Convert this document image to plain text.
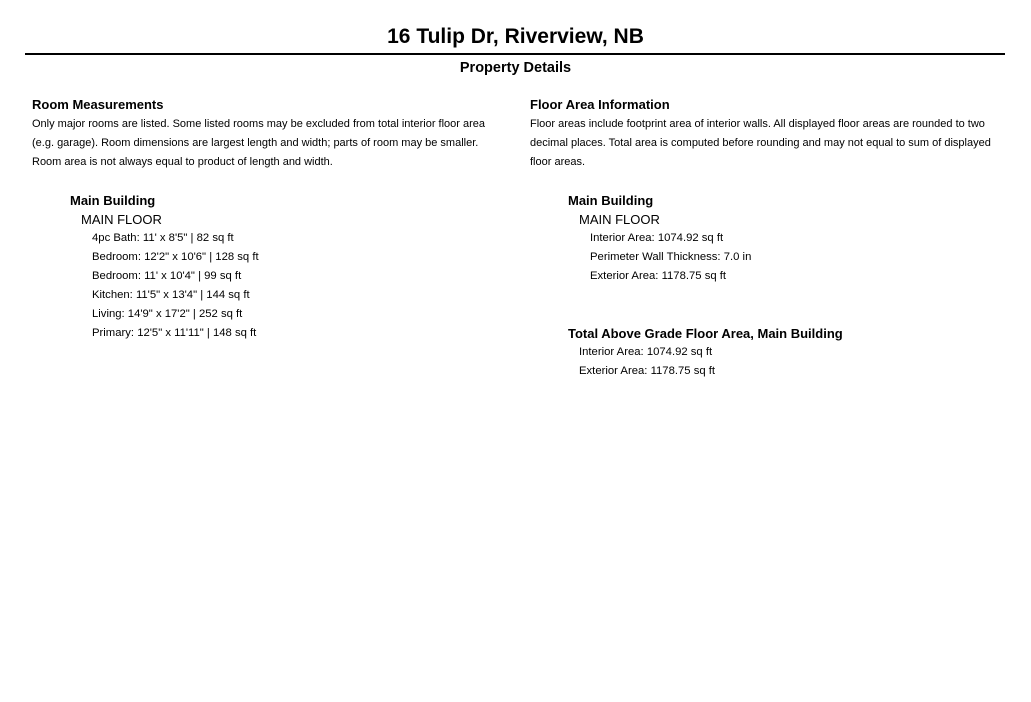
16 Tulip Dr, Riverview, NB
Property Details
Room Measurements
Only major rooms are listed. Some listed rooms may be excluded from total interior floor area
(e.g. garage). Room dimensions are largest length and width; parts of room may be smaller.
Room area is not always equal to product of length and width.
Main Building
MAIN FLOOR
4pc Bath: 11' x 8'5" | 82 sq ft
Bedroom: 12'2" x 10'6" | 128 sq ft
Bedroom: 11' x 10'4" | 99 sq ft
Kitchen: 11'5" x 13'4" | 144 sq ft
Living: 14'9" x 17'2" | 252 sq ft
Primary: 12'5" x 11'11" | 148 sq ft
Floor Area Information
Floor areas include footprint area of interior walls. All displayed floor areas are rounded to two
decimal places. Total area is computed before rounding and may not equal to sum of displayed
floor areas.
Main Building
MAIN FLOOR
Interior Area: 1074.92 sq ft
Perimeter Wall Thickness: 7.0 in
Exterior Area: 1178.75 sq ft
Total Above Grade Floor Area, Main Building
Interior Area: 1074.92 sq ft
Exterior Area: 1178.75 sq ft
